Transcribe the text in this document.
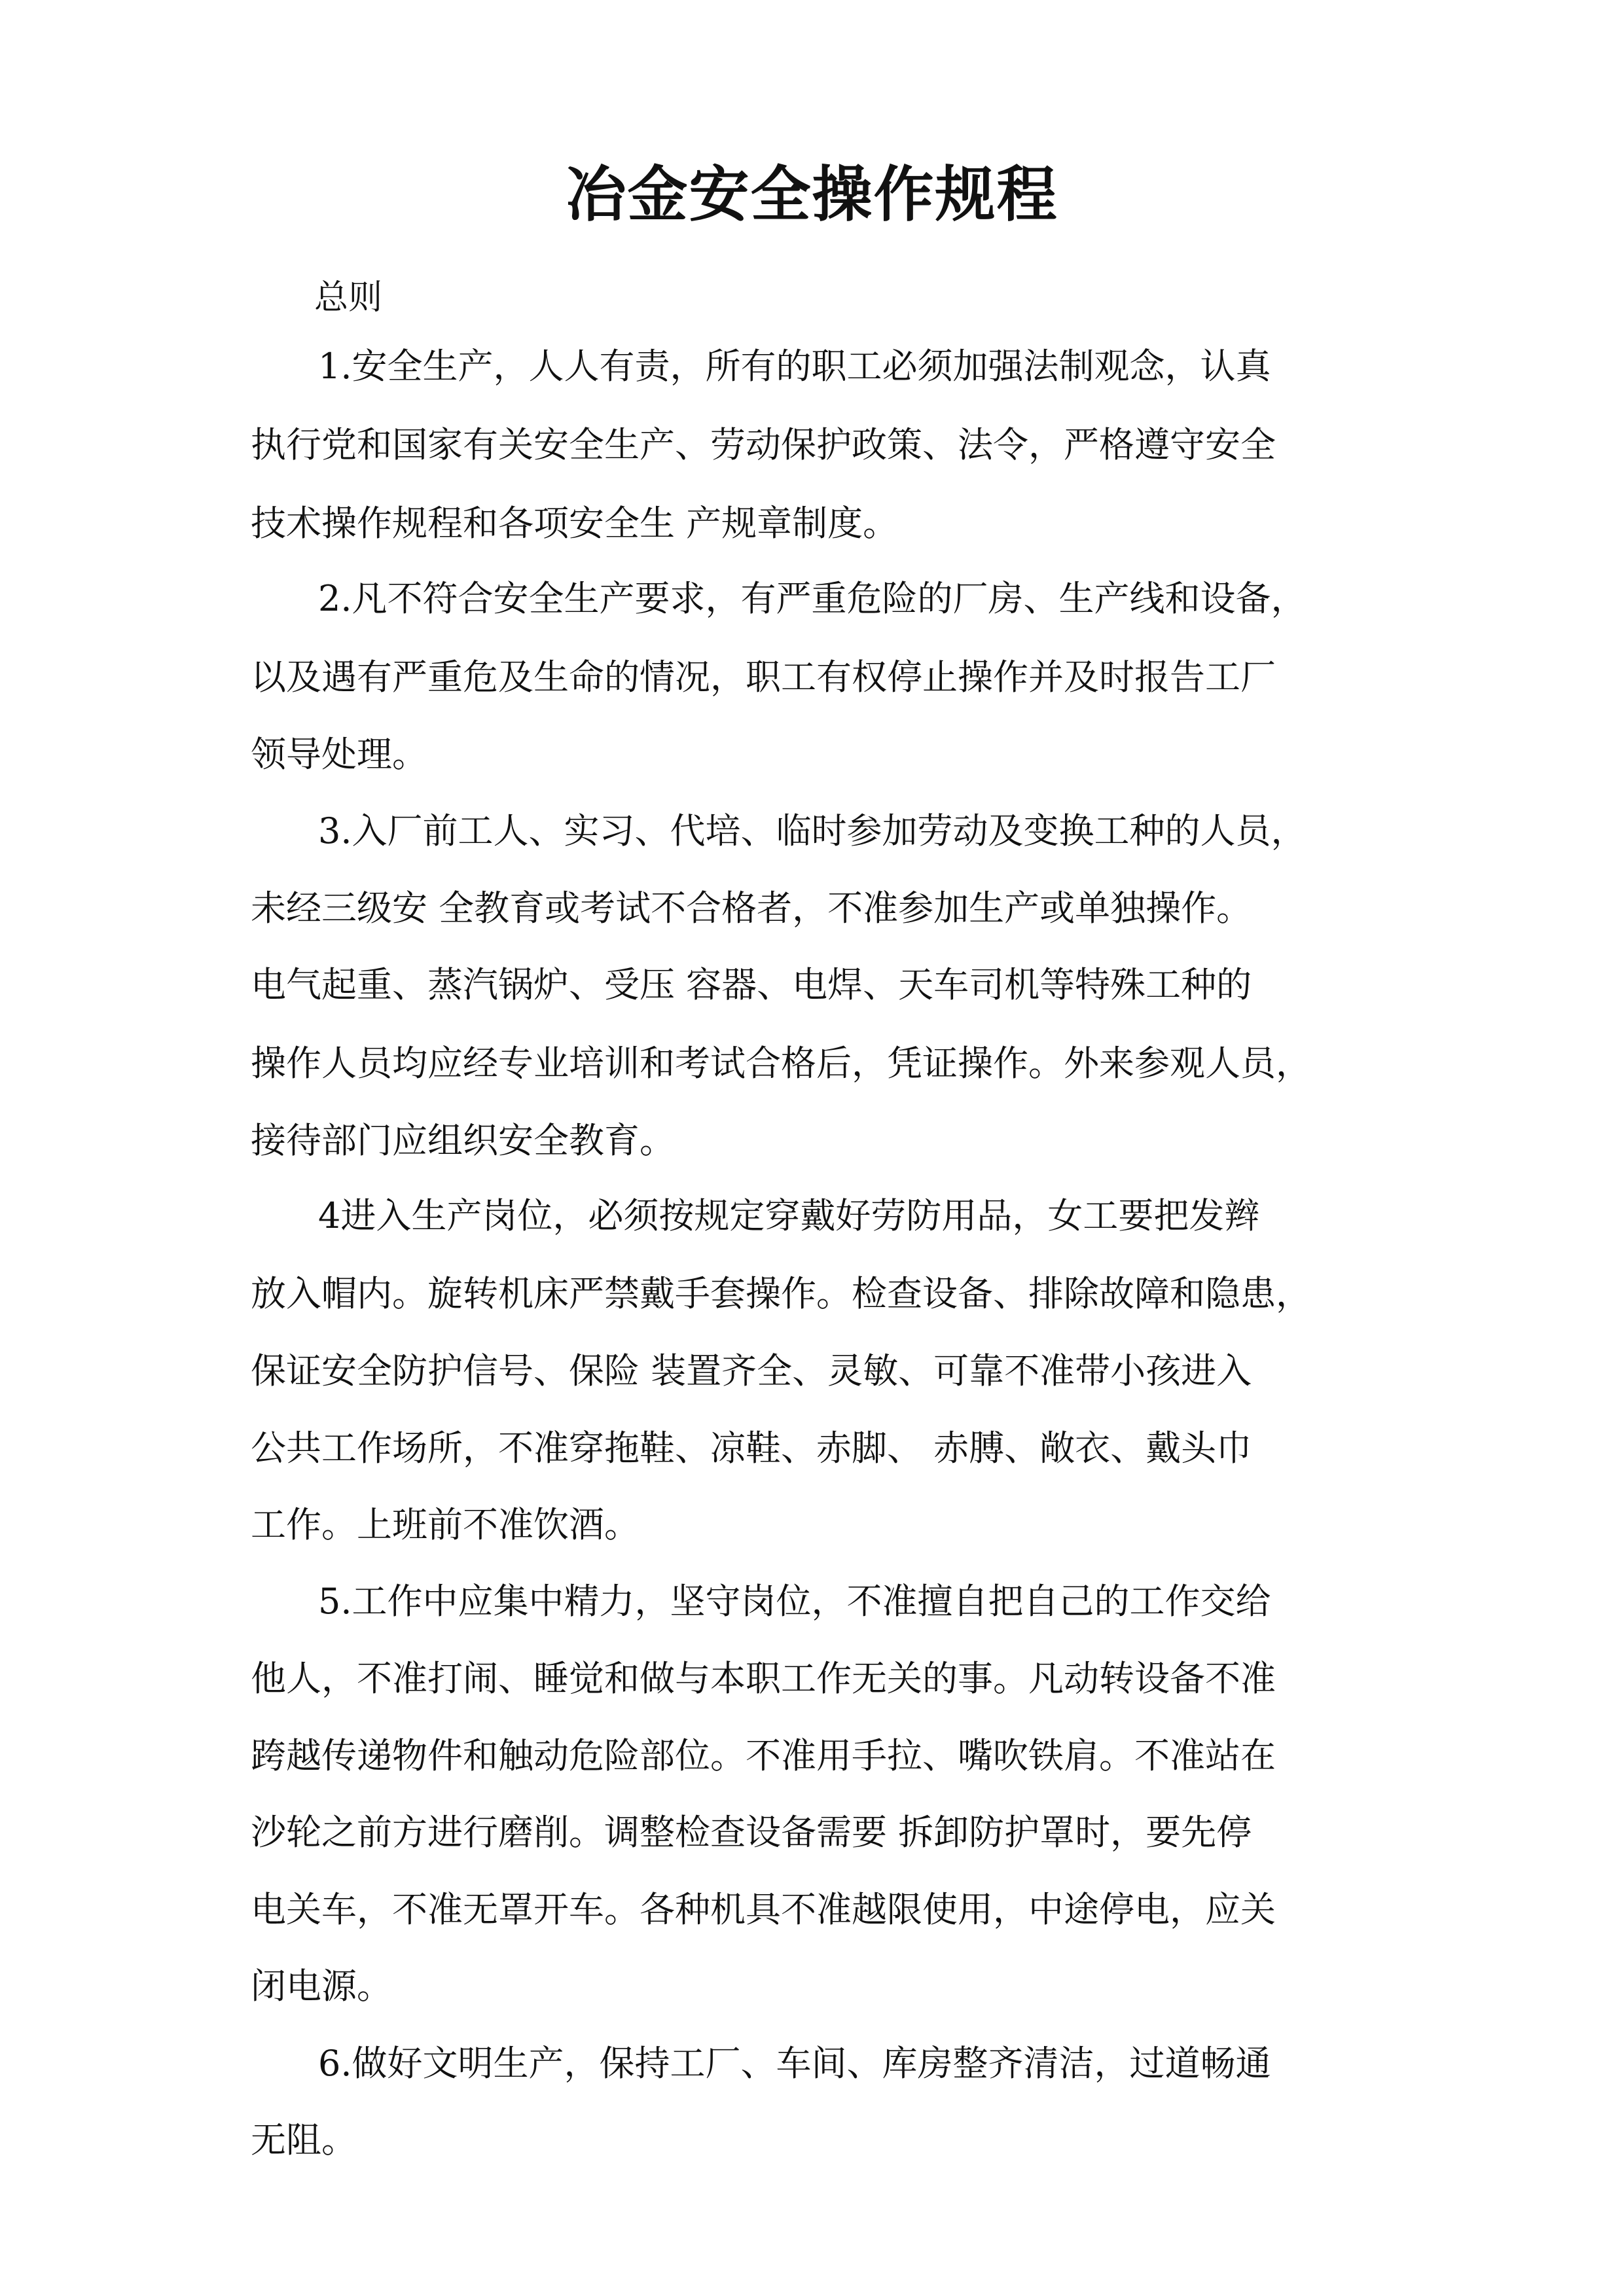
冶金安全操作规程
总则
1.安全生产，人人有责，所有的职工必须加强法制观念，认真
执行党和国家有关安全生产、劳动保护政策、法令，严格遵守安全
技术操作规程和各项安全生 产规章制度。
2.凡不符合安全生产要求，有严重危险的厂房、生产线和设备，
以及遇有严重危及生命的情况，职工有权停止操作并及时报告工厂
领导处理。
3.入厂前工人、实习、代培、临时参加劳动及变换工种的人员，
未经三级安 全教育或考试不合格者，不准参加生产或单独操作。
电气起重、蒸汽锅炉、受压 容器、电焊、天车司机等特殊工种的
操作人员均应经专业培训和考试合格后，凭证操作。外来参观人员，
接待部门应组织安全教育。
4进入生产岗位，必须按规定穿戴好劳防用品，女工要把发辫
放入帽内。旋转机床严禁戴手套操作。检查设备、排除故障和隐患，
保证安全防护信号、保险 装置齐全、灵敏、可靠不准带小孩进入
公共工作场所，不准穿拖鞋、凉鞋、赤脚、 赤膊、敞衣、戴头巾
工作。上班前不准饮酒。
5.工作中应集中精力，坚守岗位，不准擅自把自己的工作交给
他人，不准打闹、睡觉和做与本职工作无关的事。凡动转设备不准
跨越传递物件和触动危险部位。不准用手拉、嘴吹铁肩。不准站在
沙轮之前方进行磨削。调整检查设备需要 拆卸防护罩时，要先停
电关车，不准无罩开车。各种机具不准越限使用，中途停电，应关
闭电源。
6.做好文明生产，保持工厂、车间、库房整齐清洁，过道畅通
无阻。
